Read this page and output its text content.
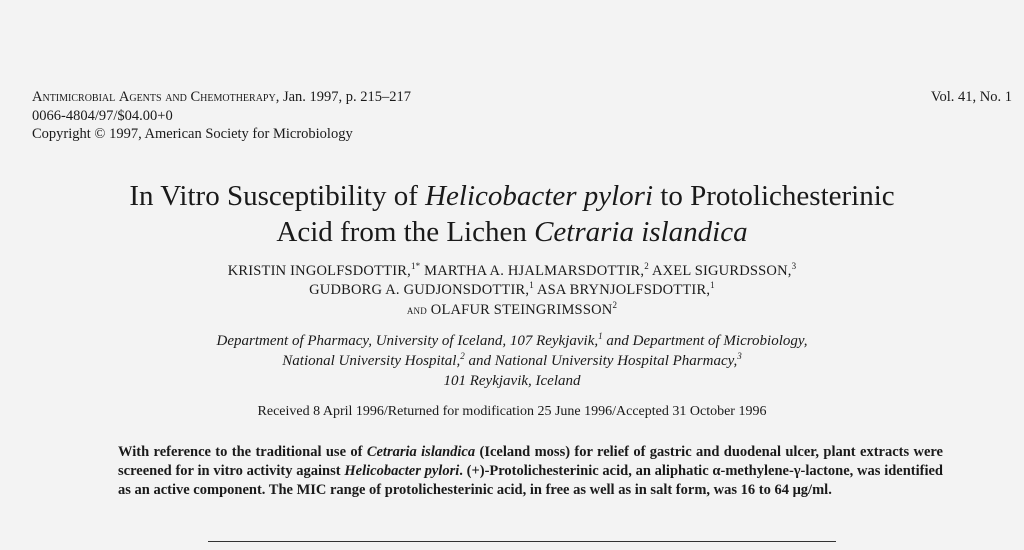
Antimicrobial Agents and Chemotherapy, Jan. 1997, p. 215–217
0066-4804/97/$04.00+0
Copyright © 1997, American Society for Microbiology
Vol. 41, No. 1
In Vitro Susceptibility of Helicobacter pylori to Protolichesterinic
Acid from the Lichen Cetraria islandica
KRISTIN INGOLFSDOTTIR,$^{1*}$ MARTHA A. HJALMARSDOTTIR,$^2$ AXEL SIGURDSSON,$^3$
GUDBORG A. GUDJONSDOTTIR,$^1$ ASA BRYNJOLFSDOTTIR,$^1$
and OLAFUR STEINGRIMSSON$^2$
Department of Pharmacy, University of Iceland, 107 Reykjavik,$^1$ and Department of Microbiology,
National University Hospital,$^2$ and National University Hospital Pharmacy,$^3$
101 Reykjavik, Iceland
Received 8 April 1996/Returned for modification 25 June 1996/Accepted 31 October 1996
With reference to the traditional use of Cetraria islandica (Iceland moss) for relief of gastric and duodenal ulcer, plant extracts were screened for in vitro activity against Helicobacter pylori. (+)-Protolichesterinic acid, an aliphatic α-methylene-γ-lactone, was identified as an active component. The MIC range of protolichesterinic acid, in free as well as in salt form, was 16 to 64 μg/ml.
